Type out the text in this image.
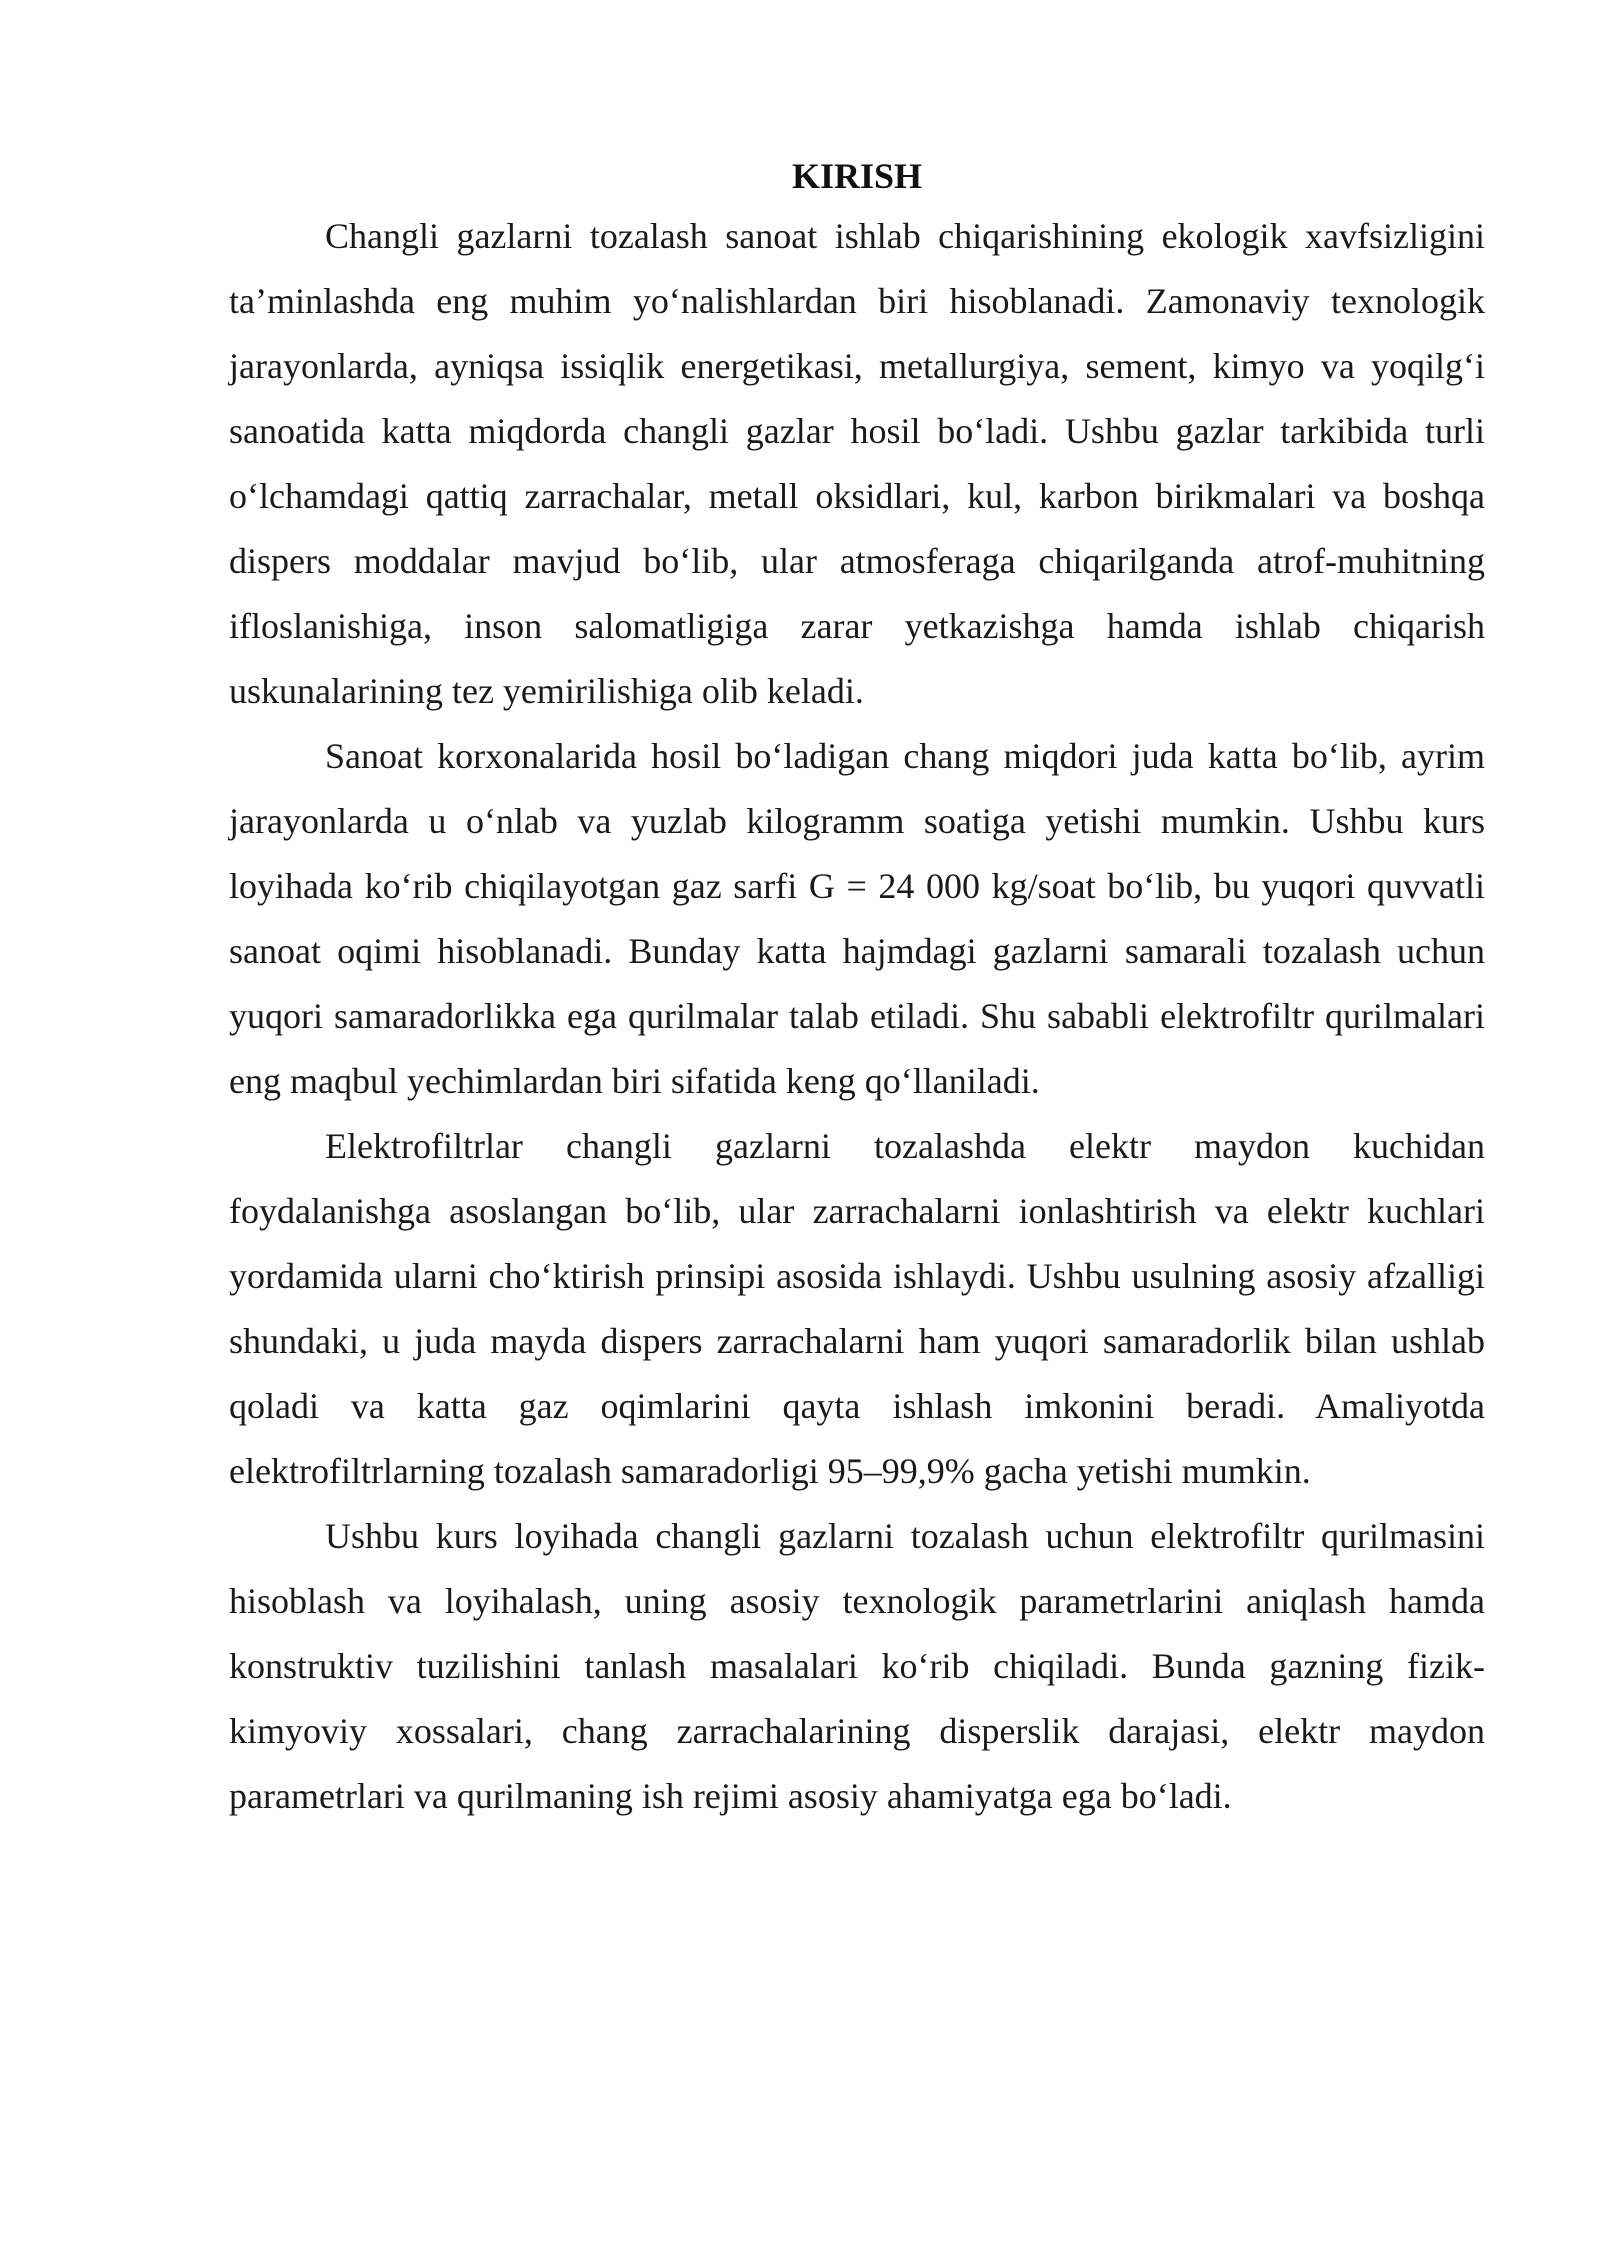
KIRISH

Changli gazlarni tozalash sanoat ishlab chiqarishining ekologik xavfsizligini ta’minlashda eng muhim yo‘nalishlardan biri hisoblanadi. Zamonaviy texnologik jarayonlarda, ayniqsa issiqlik energetikasi, metallurgiya, sement, kimyo va yoqilg‘i sanoatida katta miqdorda changli gazlar hosil bo‘ladi. Ushbu gazlar tarkibida turli o‘lchamdagi qattiq zarrachalar, metall oksidlari, kul, karbon birikmalari va boshqa dispers moddalar mavjud bo‘lib, ular atmosferaga chiqarilganda atrof-muhitning ifloslanishiga, inson salomatligiga zarar yetkazishga hamda ishlab chiqarish uskunalarining tez yemirilishiga olib keladi.

Sanoat korxonalarida hosil bo‘ladigan chang miqdori juda katta bo‘lib, ayrim jarayonlarda u o‘nlab va yuzlab kilogramm soatiga yetishi mumkin. Ushbu kurs loyihada ko‘rib chiqilayotgan gaz sarfi G = 24 000 kg/soat bo‘lib, bu yuqori quvvatli sanoat oqimi hisoblanadi. Bunday katta hajmdagi gazlarni samarali tozalash uchun yuqori samaradorlikka ega qurilmalar talab etiladi. Shu sababli elektrofiltr qurilmalari eng maqbul yechimlardan biri sifatida keng qo‘llaniladi.

Elektrofiltrlar changli gazlarni tozalashda elektr maydon kuchidan foydalanishga asoslangan bo‘lib, ular zarrachalarni ionlashtirish va elektr kuchlari yordamida ularni cho‘ktirish prinsipi asosida ishlaydi. Ushbu usulning asosiy afzalligi shundaki, u juda mayda dispers zarrachalarni ham yuqori samaradorlik bilan ushlab qoladi va katta gaz oqimlarini qayta ishlash imkonini beradi. Amaliyotda elektrofiltrlarning tozalash samaradorligi 95–99,9% gacha yetishi mumkin.

Ushbu kurs loyihada changli gazlarni tozalash uchun elektrofiltr qurilmasini hisoblash va loyihalash, uning asosiy texnologik parametrlarini aniqlash hamda konstruktiv tuzilishini tanlash masalalari ko‘rib chiqiladi. Bunda gazning fizik-kimyoviy xossalari, chang zarrachalarining disperslik darajasi, elektr maydon parametrlari va qurilmaning ish rejimi asosiy ahamiyatga ega bo‘ladi.
